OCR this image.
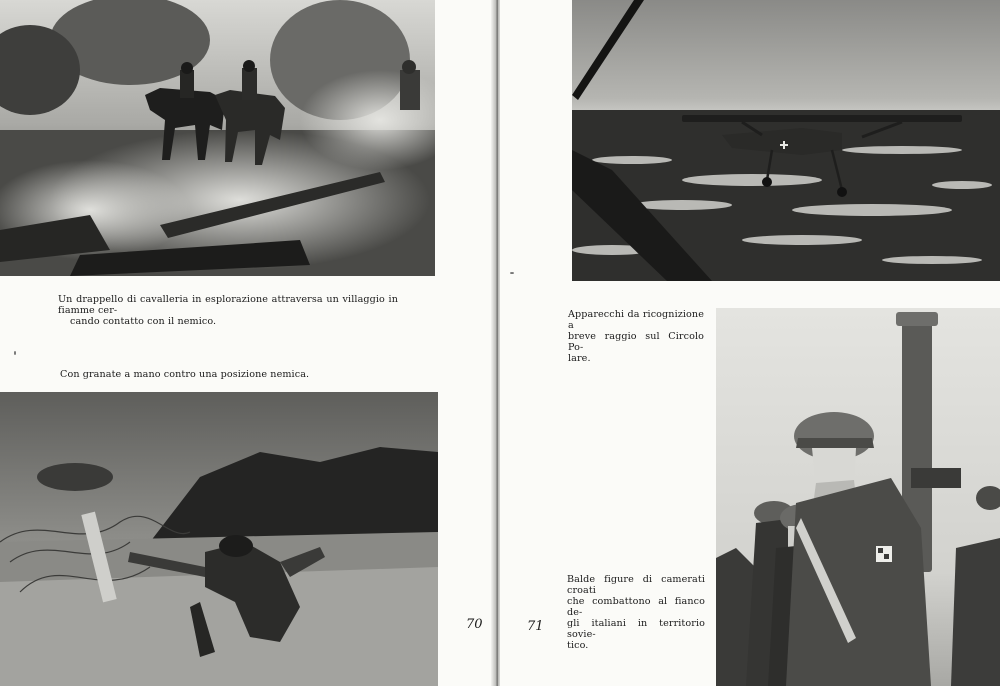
Un drappello di cavalleria in esplorazione attraversa un villaggio in fiamme cer-
cando contatto con il nemico.
Con granate a mano contro una posizione nemica.
70
Apparecchi da ricognizione a
breve raggio sul Circolo Po-
lare.
Balde figure di camerati croati
che combattono al fianco de-
gli italiani in territorio sovie-
tico.
71
